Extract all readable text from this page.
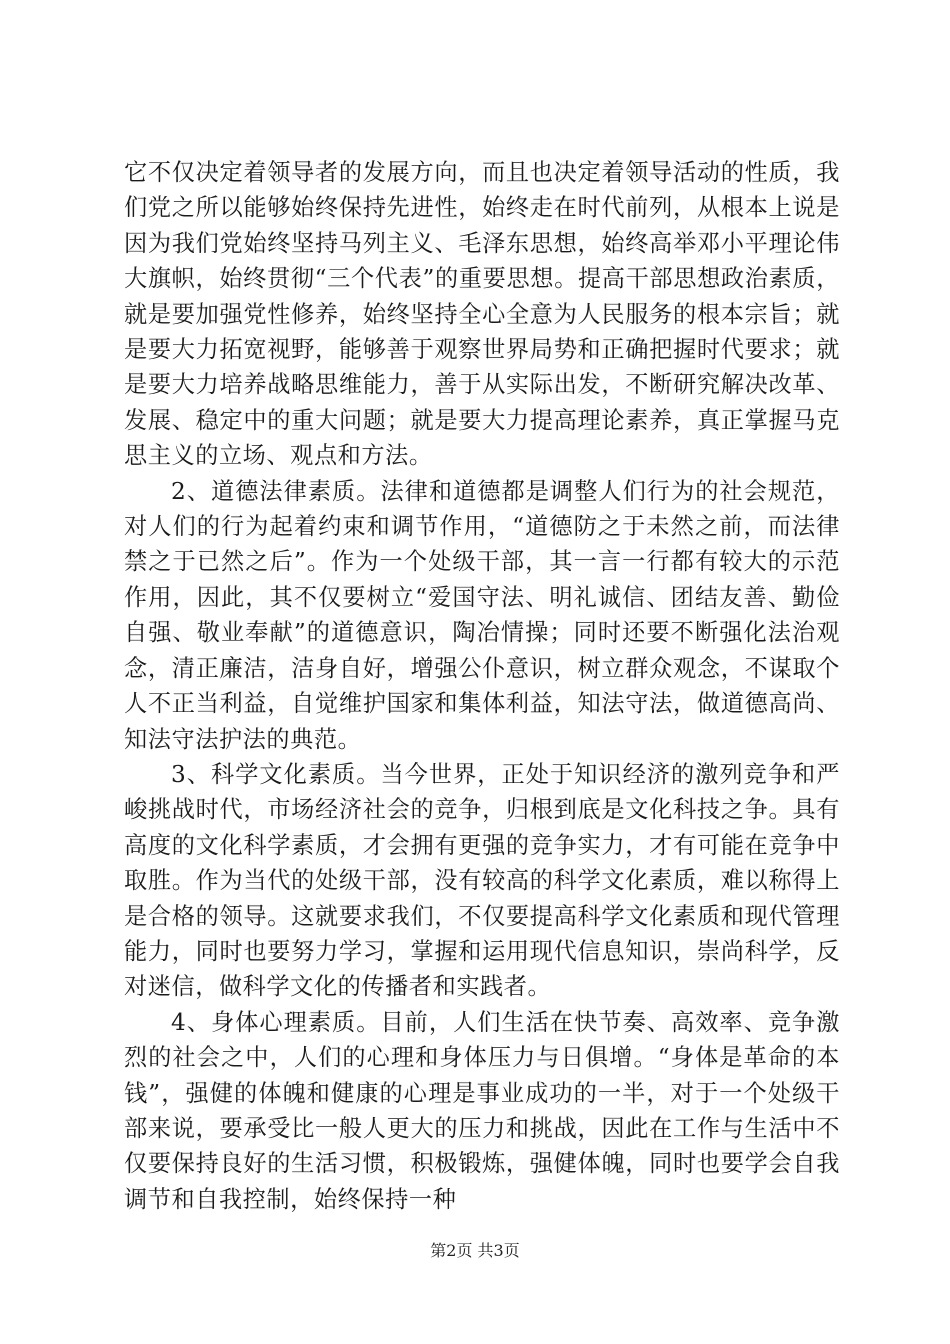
它不仅决定着领导者的发展方向，而且也决定着领导活动的性质，我们党之所以能够始终保持先进性，始终走在时代前列，从根本上说是因为我们党始终坚持马列主义、毛泽东思想，始终高举邓小平理论伟大旗帜，始终贯彻“三个代表”的重要思想。提高干部思想政治素质，就是要加强党性修养，始终坚持全心全意为人民服务的根本宗旨；就是要大力拓宽视野，能够善于观察世界局势和正确把握时代要求；就是要大力培养战略思维能力，善于从实际出发，不断研究解决改革、发展、稳定中的重大问题；就是要大力提高理论素养，真正掌握马克思主义的立场、观点和方法。

2、道德法律素质。法律和道德都是调整人们行为的社会规范，对人们的行为起着约束和调节作用，“道德防之于未然之前，而法律禁之于已然之后”。作为一个处级干部，其一言一行都有较大的示范作用，因此，其不仅要树立“爱国守法、明礼诚信、团结友善、勤俭自强、敬业奉献”的道德意识，陶冶情操；同时还要不断强化法治观念，清正廉洁，洁身自好，增强公仆意识，树立群众观念，不谋取个人不正当利益，自觉维护国家和集体利益，知法守法，做道德高尚、知法守法护法的典范。

3、科学文化素质。当今世界，正处于知识经济的激列竞争和严峻挑战时代，市场经济社会的竞争，归根到底是文化科技之争。具有高度的文化科学素质，才会拥有更强的竞争实力，才有可能在竞争中取胜。作为当代的处级干部，没有较高的科学文化素质，难以称得上是合格的领导。这就要求我们，不仅要提高科学文化素质和现代管理能力，同时也要努力学习，掌握和运用现代信息知识，崇尚科学，反对迷信，做科学文化的传播者和实践者。

4、身体心理素质。目前，人们生活在快节奏、高效率、竞争激烈的社会之中，人们的心理和身体压力与日俱增。“身体是革命的本钱”，强健的体魄和健康的心理是事业成功的一半，对于一个处级干部来说，要承受比一般人更大的压力和挑战，因此在工作与生活中不仅要保持良好的生活习惯，积极锻炼，强健体魄，同时也要学会自我调节和自我控制，始终保持一种

第2页 共3页
